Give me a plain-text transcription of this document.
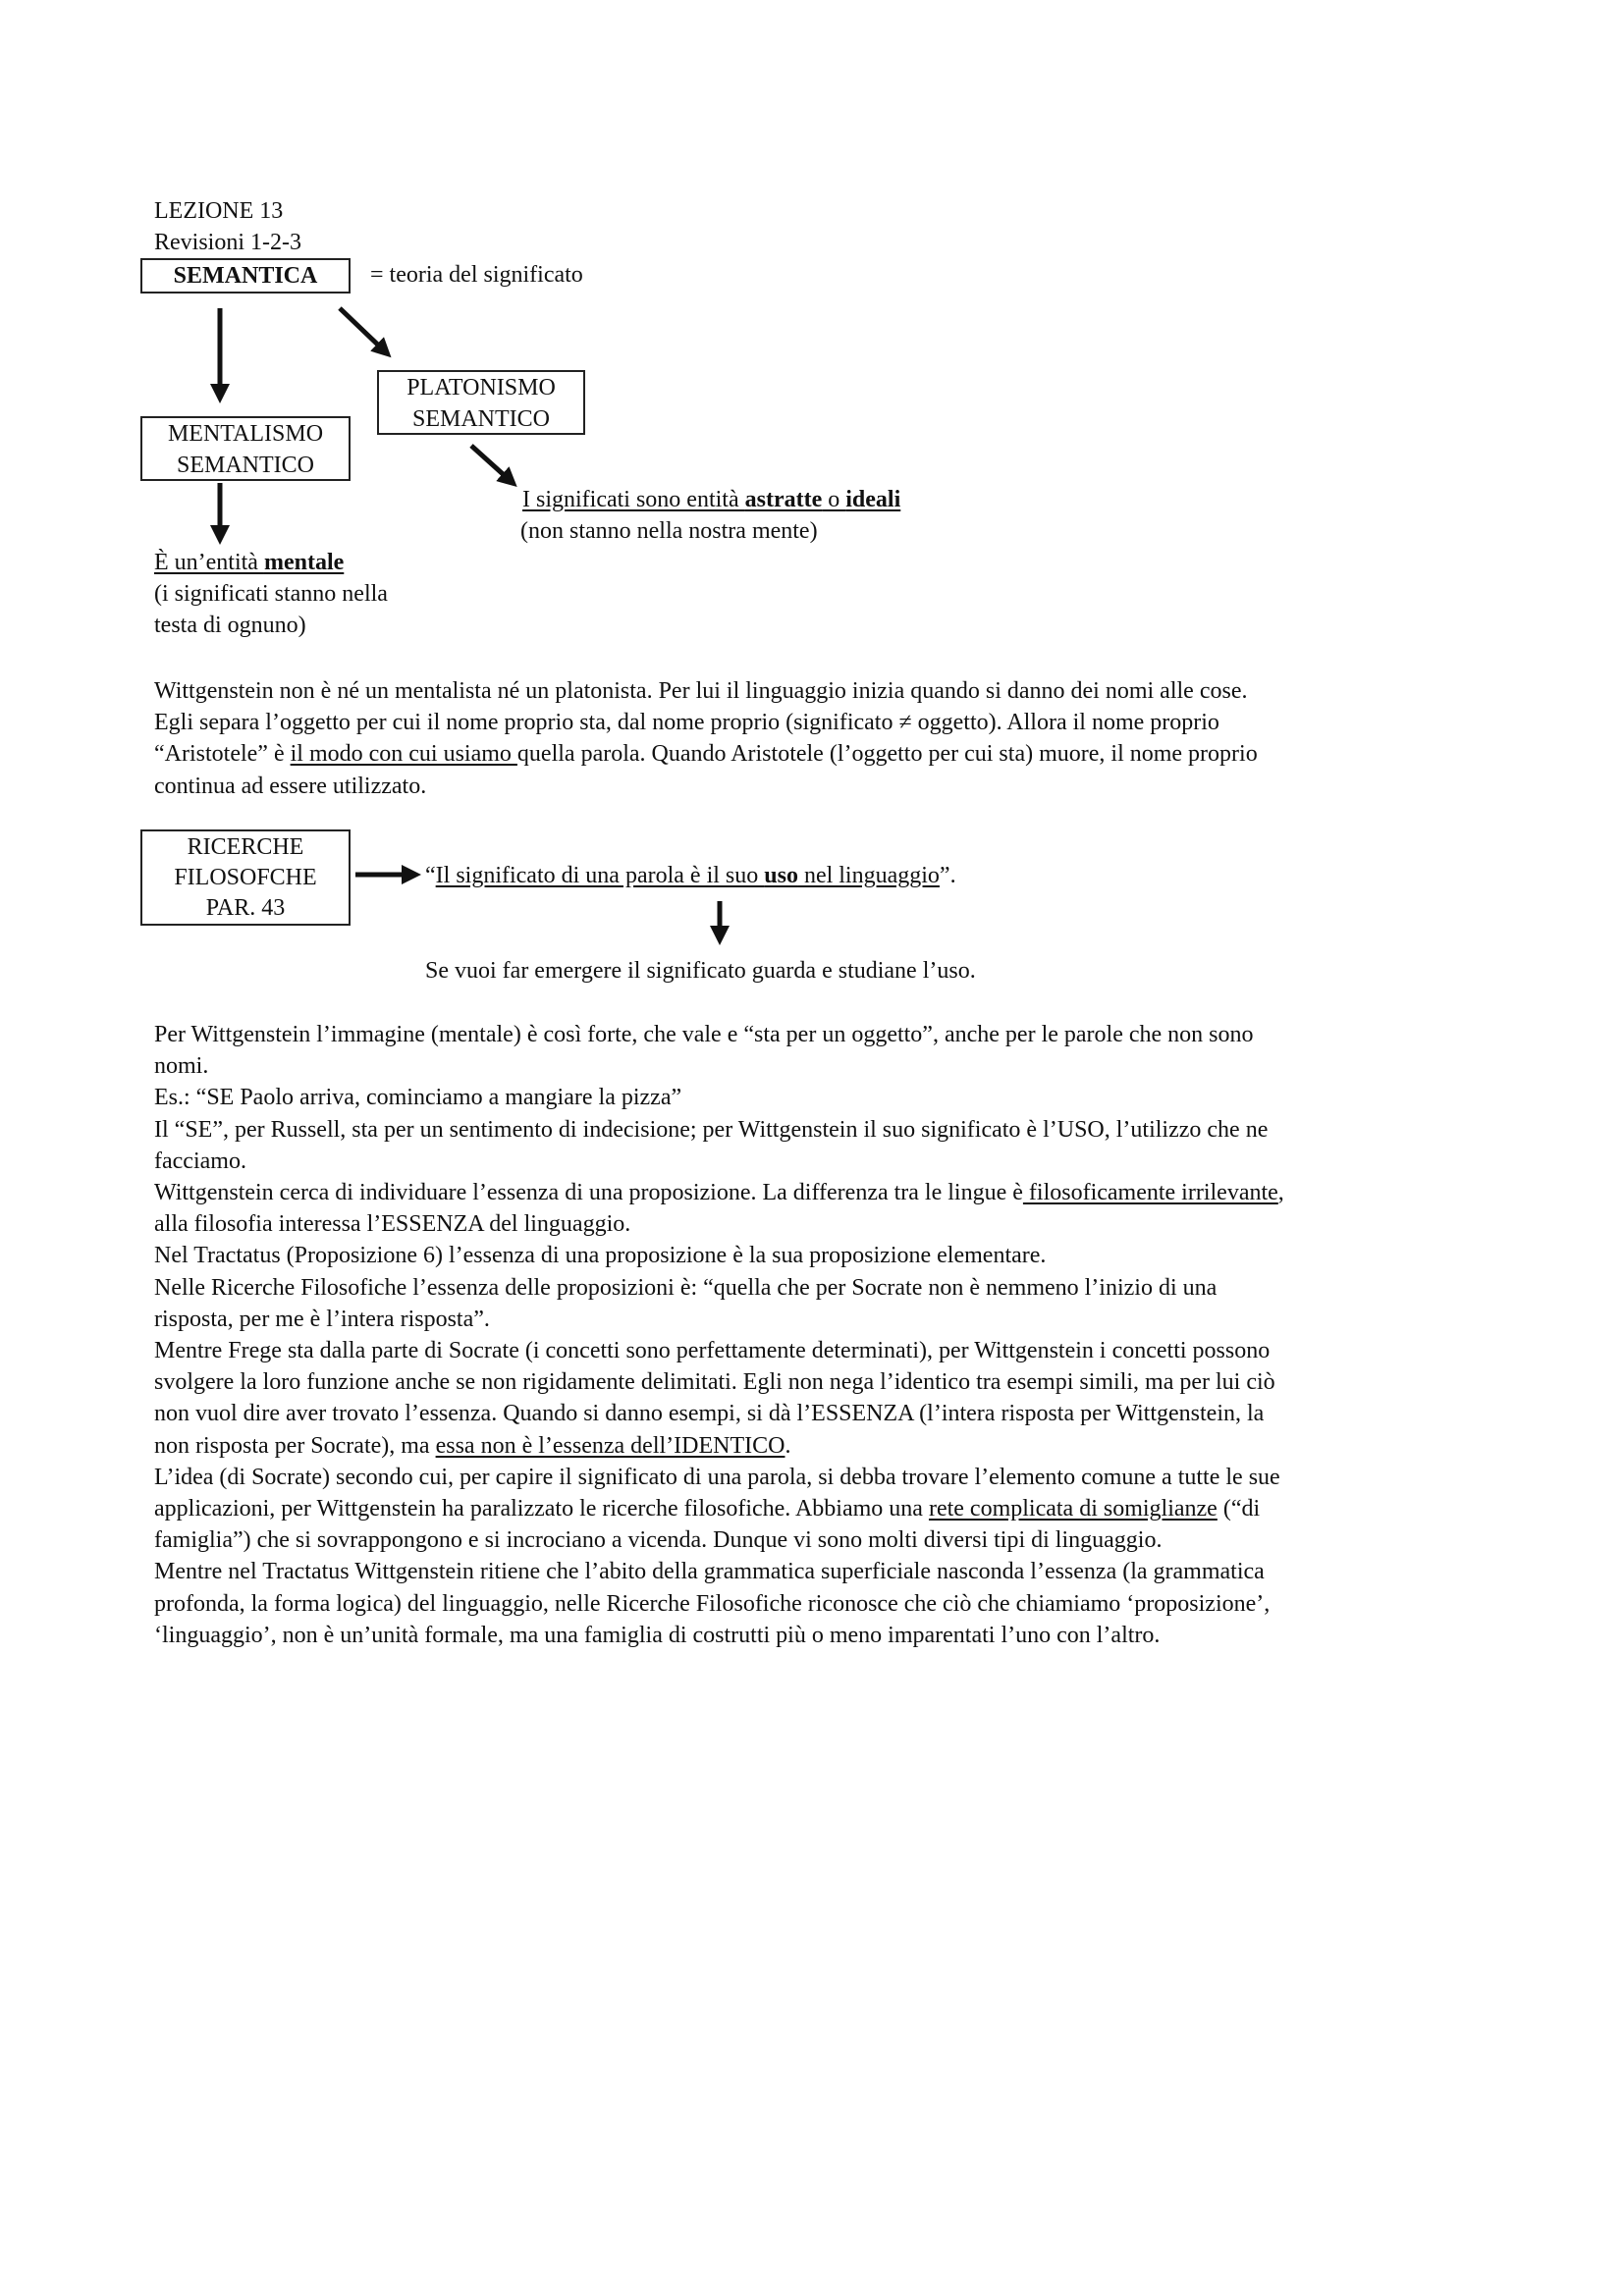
LEZIONE 13
Revisioni 1-2-3
SEMANTICA	= teoria del significato
PLATONISMO
SEMANTICO
MENTALISMO
SEMANTICO
I significati sono entità astratte o ideali
(non stanno nella nostra mente)
È un’entità mentale
(i significati stanno nella
testa di ognuno)
Wittgenstein non è né un mentalista né un platonista. Per lui il linguaggio inizia quando si danno dei nomi alle cose.
Egli separa l’oggetto per cui il nome proprio sta, dal nome proprio (significato ≠ oggetto). Allora il nome proprio
“Aristotele” è il modo con cui usiamo quella parola. Quando Aristotele (l’oggetto per cui sta) muore, il nome proprio
continua ad essere utilizzato.
RICERCHE
FILOSOFCHE
PAR. 43
“Il significato di una parola è il suo uso nel linguaggio”.
Se vuoi far emergere il significato guarda e studiane l’uso.
Per Wittgenstein l’immagine (mentale) è così forte, che vale e “sta per un oggetto”, anche per le parole che non sono
nomi.
Es.: “SE Paolo arriva, cominciamo a mangiare la pizza”
Il “SE”, per Russell, sta per un sentimento di indecisione; per Wittgenstein il suo significato è l’USO, l’utilizzo che ne
facciamo.
Wittgenstein cerca di individuare l’essenza di una proposizione. La differenza tra le lingue è filosoficamente irrilevante,
alla filosofia interessa l’ESSENZA del linguaggio.
Nel Tractatus (Proposizione 6) l’essenza di una proposizione è la sua proposizione elementare.
Nelle Ricerche Filosofiche l’essenza delle proposizioni è: “quella che per Socrate non è nemmeno l’inizio di una
risposta, per me è l’intera risposta”.
Mentre Frege sta dalla parte di Socrate (i concetti sono perfettamente determinati), per Wittgenstein i concetti possono
svolgere la loro funzione anche se non rigidamente delimitati. Egli non nega l’identico tra esempi simili, ma per lui ciò
non vuol dire aver trovato l’essenza. Quando si danno esempi, si dà l’ESSENZA (l’intera risposta per Wittgenstein, la
non risposta per Socrate), ma essa non è l’essenza dell’IDENTICO.
L’idea (di Socrate) secondo cui, per capire il significato di una parola, si debba trovare l’elemento comune a tutte le sue
applicazioni, per Wittgenstein ha paralizzato le ricerche filosofiche. Abbiamo una rete complicata di somiglianze (“di
famiglia”) che si sovrappongono e si incrociano a vicenda. Dunque vi sono molti diversi tipi di linguaggio.
Mentre nel Tractatus Wittgenstein ritiene che l’abito della grammatica superficiale nasconda l’essenza (la grammatica
profonda, la forma logica) del linguaggio, nelle Ricerche Filosofiche riconosce che ciò che chiamiamo ‘proposizione’,
‘linguaggio’, non è un’unità formale, ma una famiglia di costrutti più o meno imparentati l’uno con l’altro.
